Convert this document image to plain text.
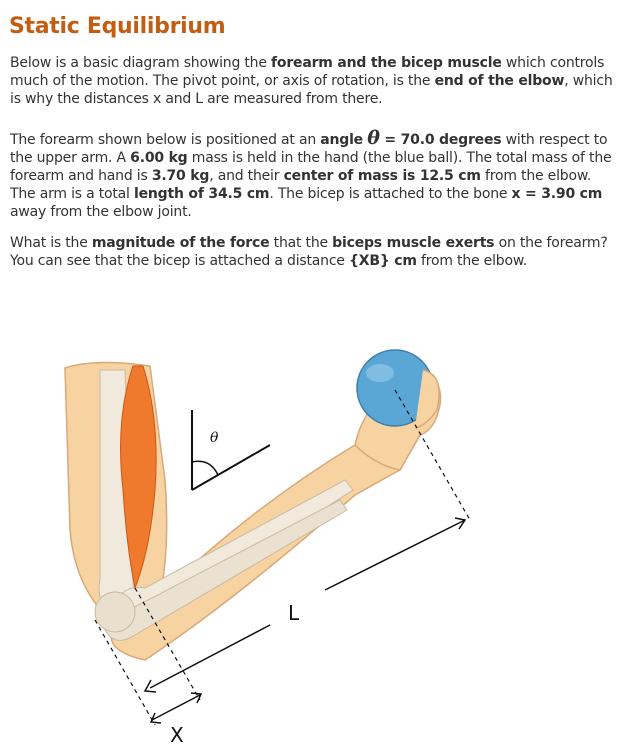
Static Equilibrium

Below is a basic diagram showing the forearm and the bicep muscle which controls much of the motion. The pivot point, or axis of rotation, is the end of the elbow, which is why the distances x and L are measured from there.

The forearm shown below is positioned at an angle θ = 70.0 degrees with respect to the upper arm. A 6.00 kg mass is held in the hand (the blue ball). The total mass of the forearm and hand is 3.70 kg, and their center of mass is 12.5 cm from the elbow. The arm is a total length of 34.5 cm. The bicep is attached to the bone x = 3.90 cm away from the elbow joint.

What is the magnitude of the force that the biceps muscle exerts on the forearm? You can see that the bicep is attached a distance {XB} cm from the elbow.

θ
L
X
